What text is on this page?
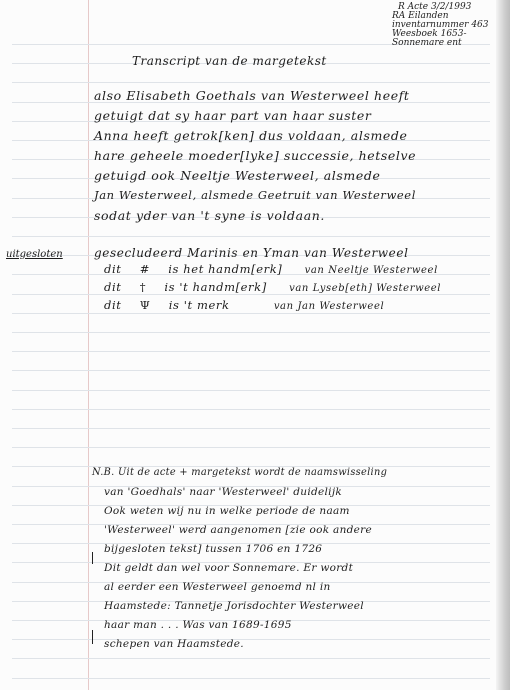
R Acte 3/2/1993
RA Eilanden
inventarnummer 463
Weesboek 1653-
Sonnemare ent
Transcript van de margetekst
uitgesloten
also Elisabeth Goethals van Westerweel heeft
getuigt dat sy haar part van haar suster
Anna heeft getrok[ken] dus voldaan, alsmede
hare geheele moeder[lyke] successie, hetselve
getuigd ook Neeltje Westerweel, alsmede
Jan Westerweel, alsmede Geetruit van Westerweel
sodat yder van 't syne is voldaan.
gesecludeerd Marinis en Yman van Westerweel
dit # is het handm[erk] van Neeltje Westerweel
dit † is 't handm[erk] van Lyseb[eth] Westerweel
dit Ψ is 't merk	van Jan Westerweel
N.B. Uit de acte + margetekst wordt de naamswisseling
van 'Goedhals' naar 'Westerweel' duidelijk
Ook weten wij nu in welke periode de naam
'Westerweel' werd aangenomen [zie ook andere
bijgesloten tekst] tussen 1706 en 1726
Dit geldt dan wel voor Sonnemare. Er wordt
al eerder een Westerweel genoemd nl in
Haamstede: Tannetje Jorisdochter Westerweel
haar man . . . Was van 1689-1695
schepen van Haamstede.
